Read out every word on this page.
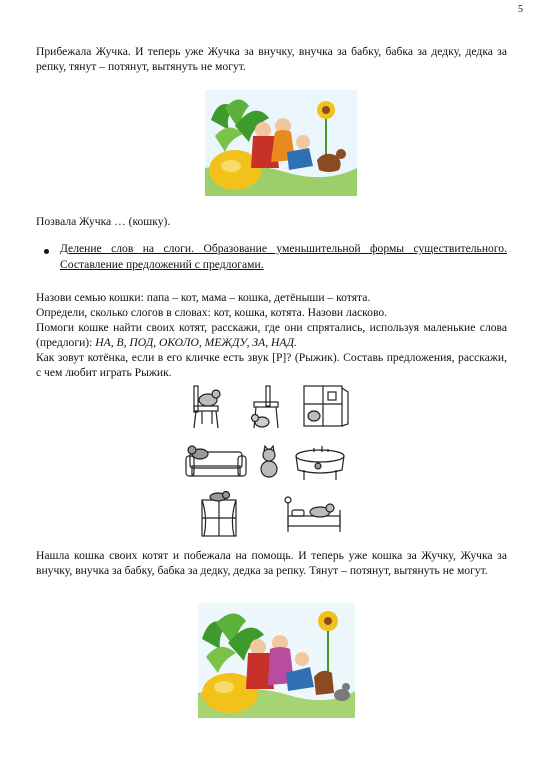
5

Прибежала Жучка. И теперь уже Жучка за внучку, внучка за бабку, бабка за дедку, дедка за репку, тянут – потянут, вытянуть не могут.

Позвала Жучка … (кошку).

Деление слов на слоги. Образование уменьшительной формы существительного. Составление предложений с предлогами.

Назови семью кошки: папа – кот, мама – кошка, детёныши – котята.

Определи, сколько слогов в словах: кот, кошка, котята. Назови ласково.

Помоги кошке найти своих котят, расскажи, где они спрятались, используя маленькие слова (предлоги): НА, В, ПОД, ОКОЛО, МЕЖДУ, ЗА, НАД.

Как зовут котёнка, если в его кличке есть звук [Р]? (Рыжик). Составь предложения, расскажи, с чем любит играть Рыжик.

Нашла кошка своих котят и побежала на помощь. И теперь уже кошка за Жучку, Жучка за внучку, внучка за бабку, бабка за дедку, дедка за репку. Тянут – потянут, вытянуть не могут.
